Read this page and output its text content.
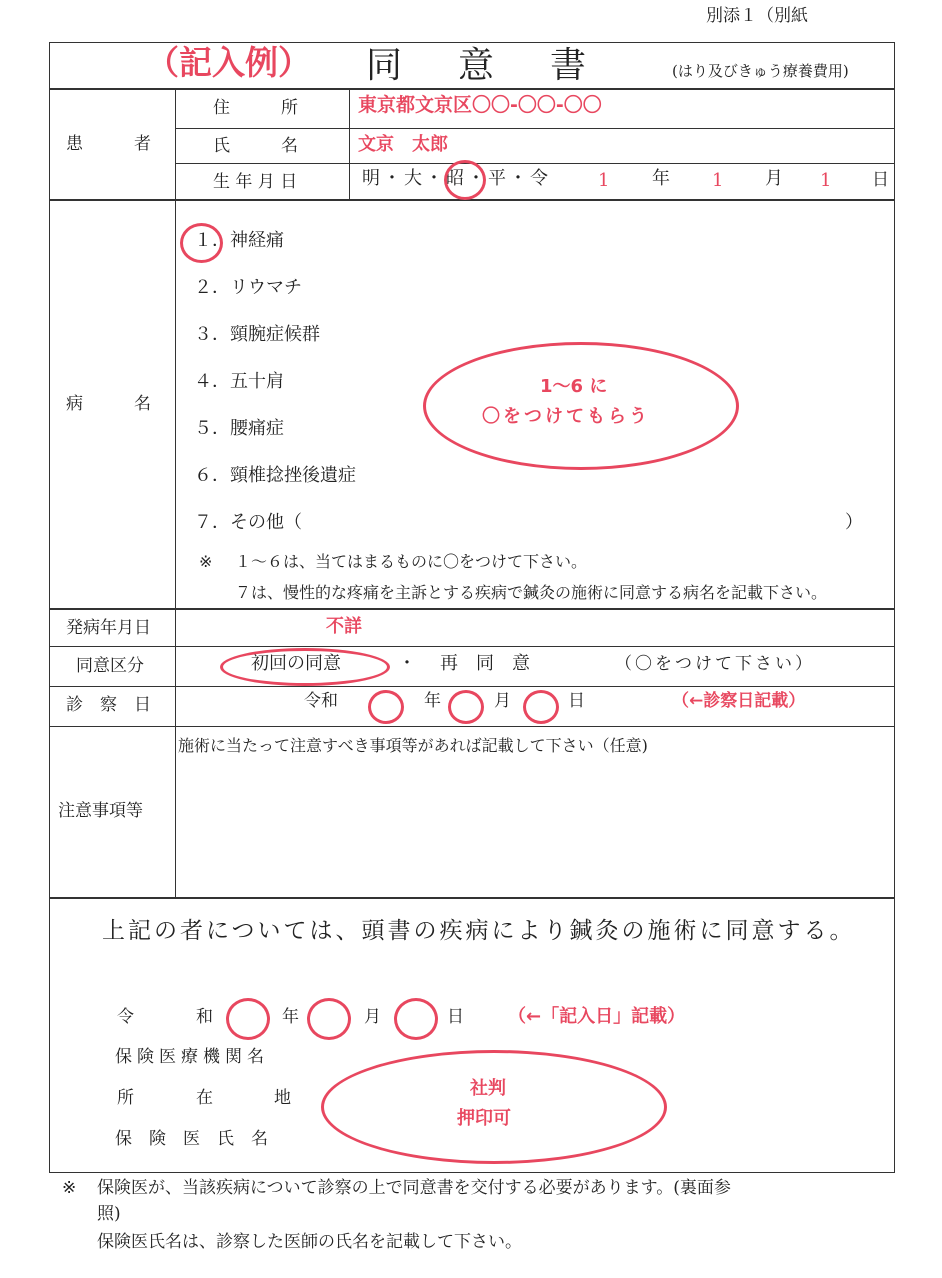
別添１（別紙
（記入例） 同　意　書	(はり及びきゅう療養費用)
患　　　者
住　　　所	東京都文京区〇〇-〇〇-〇〇
氏　　　名	文京　太郎
生 年 月 日	明・大・昭・平・令	1 年 1 月 1 日
病　　　名
１．神経痛
２．リウマチ
３．頸腕症候群
４．五十肩
５．腰痛症
６．頸椎捻挫後遺症
７．その他（	）
※ １～６は、当てはまるものに〇をつけて下さい。
７は、慢性的な疼痛を主訴とする疾病で鍼灸の施術に同意する病名を記載下さい。
1～6 に
〇をつけてもらう
発病年月日	不詳
同意区分	初回の同意	・ 再　同　意	（〇をつけて下さい）
診　察　日	令和	年	月	日	（←診察日記載）
注意事項等
施術に当たって注意すべき事項等があれば記載して下さい（任意)
上記の者については、頭書の疾病により鍼灸の施術に同意する。
令	和	年	月	日 （←「記入日」記載）
保険医療機関名
所	在	地
保　険　医　氏　名
社判
押印可
※ 保険医が、当該疾病について診察の上で同意書を交付する必要があります。(裏面参
照)
保険医氏名は、診察した医師の氏名を記載して下さい。
